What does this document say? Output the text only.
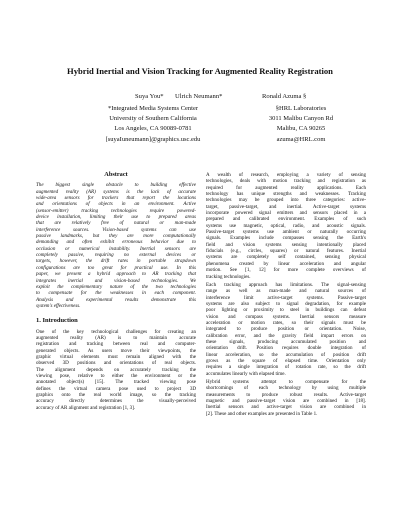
Hybrid Inertial and Vision Tracking for Augmented Reality Registration
Suya You* Ulrich Neumann*	Ronald Azuma §
*Integrated Media Systems Center
University of Southern California
Los Angeles, CA 90089-0781
[suyaIuneumann]@graphics.usc.edu
§HRL Laboratories
3011 Malibu Canyon Rd
Malibu, CA 90265
azuma@HRL.com
Abstract
The biggest single obstacle to building effective
augmented reality (AR) systems is the lack of accurate
wide-area sensors for trackers that report the locations
and orientations of objects in an environment. Active
(sensor-emitter) tracking technologies require powered-
device installation, limiting their use to prepared areas
that are relatively free of natural or man-made
interference sources. Vision-based systems can use
passive landmarks, but they are more computationally
demanding and often exhibit erroneous behavior due to
occlusion or numerical instability. Inertial sensors are
completely passive, requiring no external devices or
targets, however, the drift rates in portable strapdown
configurations are too great for practical use. In this
paper, we present a hybrid approach to AR tracking that
integrates inertial and vision-based technologies. We
exploit the complementary nature of the two technologies
to compensate for the weaknesses in each component.
Analysis and experimental results demonstrate this
system's effectiveness.
1. Introduction
One of the key technological challenges for creating an
augmented reality (AR) is to maintain accurate
registration and tracking between real and computer-
generated objects. As users move their viewpoints, the
graphic virtual elements must remain aligned with the
observed 3D positions and orientations of real objects.
The alignment depends on accurately tracking the
viewing pose, relative to either the environment or the
annotated object(s) [15]. The tracked viewing pose
defines the virtual camera pose used to project 3D
graphics onto the real world image, so the tracking
accuracy directly determines the visually-perceived
accuracy of AR alignment and registration [1, 3].

A wealth of research, employing a variety of sensing
technologies, deals with motion tracking and registration as
required for augmented reality applications. Each
technology has unique strengths and weaknesses. Tracking
technologies may be grouped into three categories: active-
target, passive-target, and inertial. Active-target systems
incorporate powered signal emitters and sensors placed in a
prepared and calibrated environment. Examples of such
systems use magnetic, optical, radio, and acoustic signals.
Passive-target systems use ambient or naturally occurring
signals. Examples include compasses sensing the Earth's
field and vision systems sensing intentionally placed
fiducials (e.g., circles, squares) or natural features. Inertial
systems are completely self contained, sensing physical
phenomena created by linear acceleration and angular
motion. See [1, 12] for more complete overviews of
tracking technologies.

Each tracking approach has limitations. The signal-sensing
range as well as man-made and natural sources of
interference limit active-target systems. Passive-target
systems are also subject to signal degradation, for example
poor lighting or proximity to steel in buildings can defeat
vision and compass systems. Inertial sensors measure
acceleration or motion rates, so their signals must be
integrated to produce position or orientation. Noise,
calibration error, and the gravity field impart errors on
these signals, producing accumulated position and
orientation drift. Position requires double integration of
linear acceleration, so the accumulation of position drift
grows as the square of elapsed time. Orientation only
requires a single integration of rotation rate, so the drift
accumulates linearly with elapsed time.

Hybrid systems attempt to compensate for the
shortcomings of each technology by using multiple
measurements to produce robust results. Active-target
magnetic and passive-target vision are combined in [18].
Inertial sensors and active-target vision are combined in
[2]. These and other examples are presented in Table 1.
